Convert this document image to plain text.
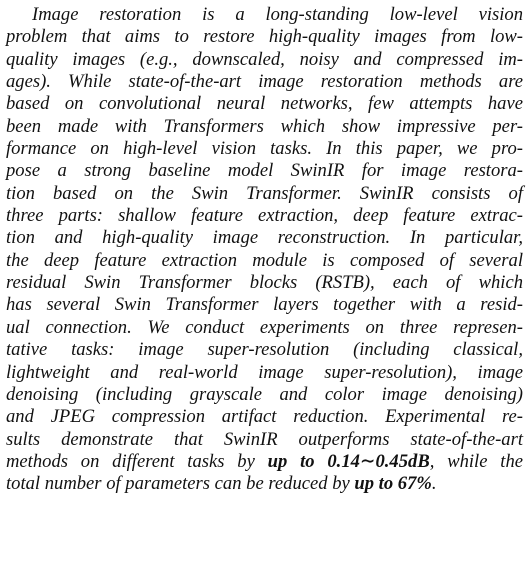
Image restoration is a long-standing low-level vision
problem that aims to restore high-quality images from low-
quality images (e.g., downscaled, noisy and compressed im-
ages). While state-of-the-art image restoration methods are
based on convolutional neural networks, few attempts have
been made with Transformers which show impressive per-
formance on high-level vision tasks. In this paper, we pro-
pose a strong baseline model SwinIR for image restora-
tion based on the Swin Transformer. SwinIR consists of
three parts: shallow feature extraction, deep feature extrac-
tion and high-quality image reconstruction. In particular,
the deep feature extraction module is composed of several
residual Swin Transformer blocks (RSTB), each of which
has several Swin Transformer layers together with a resid-
ual connection. We conduct experiments on three represen-
tative tasks: image super-resolution (including classical,
lightweight and real-world image super-resolution), image
denoising (including grayscale and color image denoising)
and JPEG compression artifact reduction. Experimental re-
sults demonstrate that SwinIR outperforms state-of-the-art
methods on different tasks by up to 0.14∼0.45dB, while the
total number of parameters can be reduced by up to 67%.
